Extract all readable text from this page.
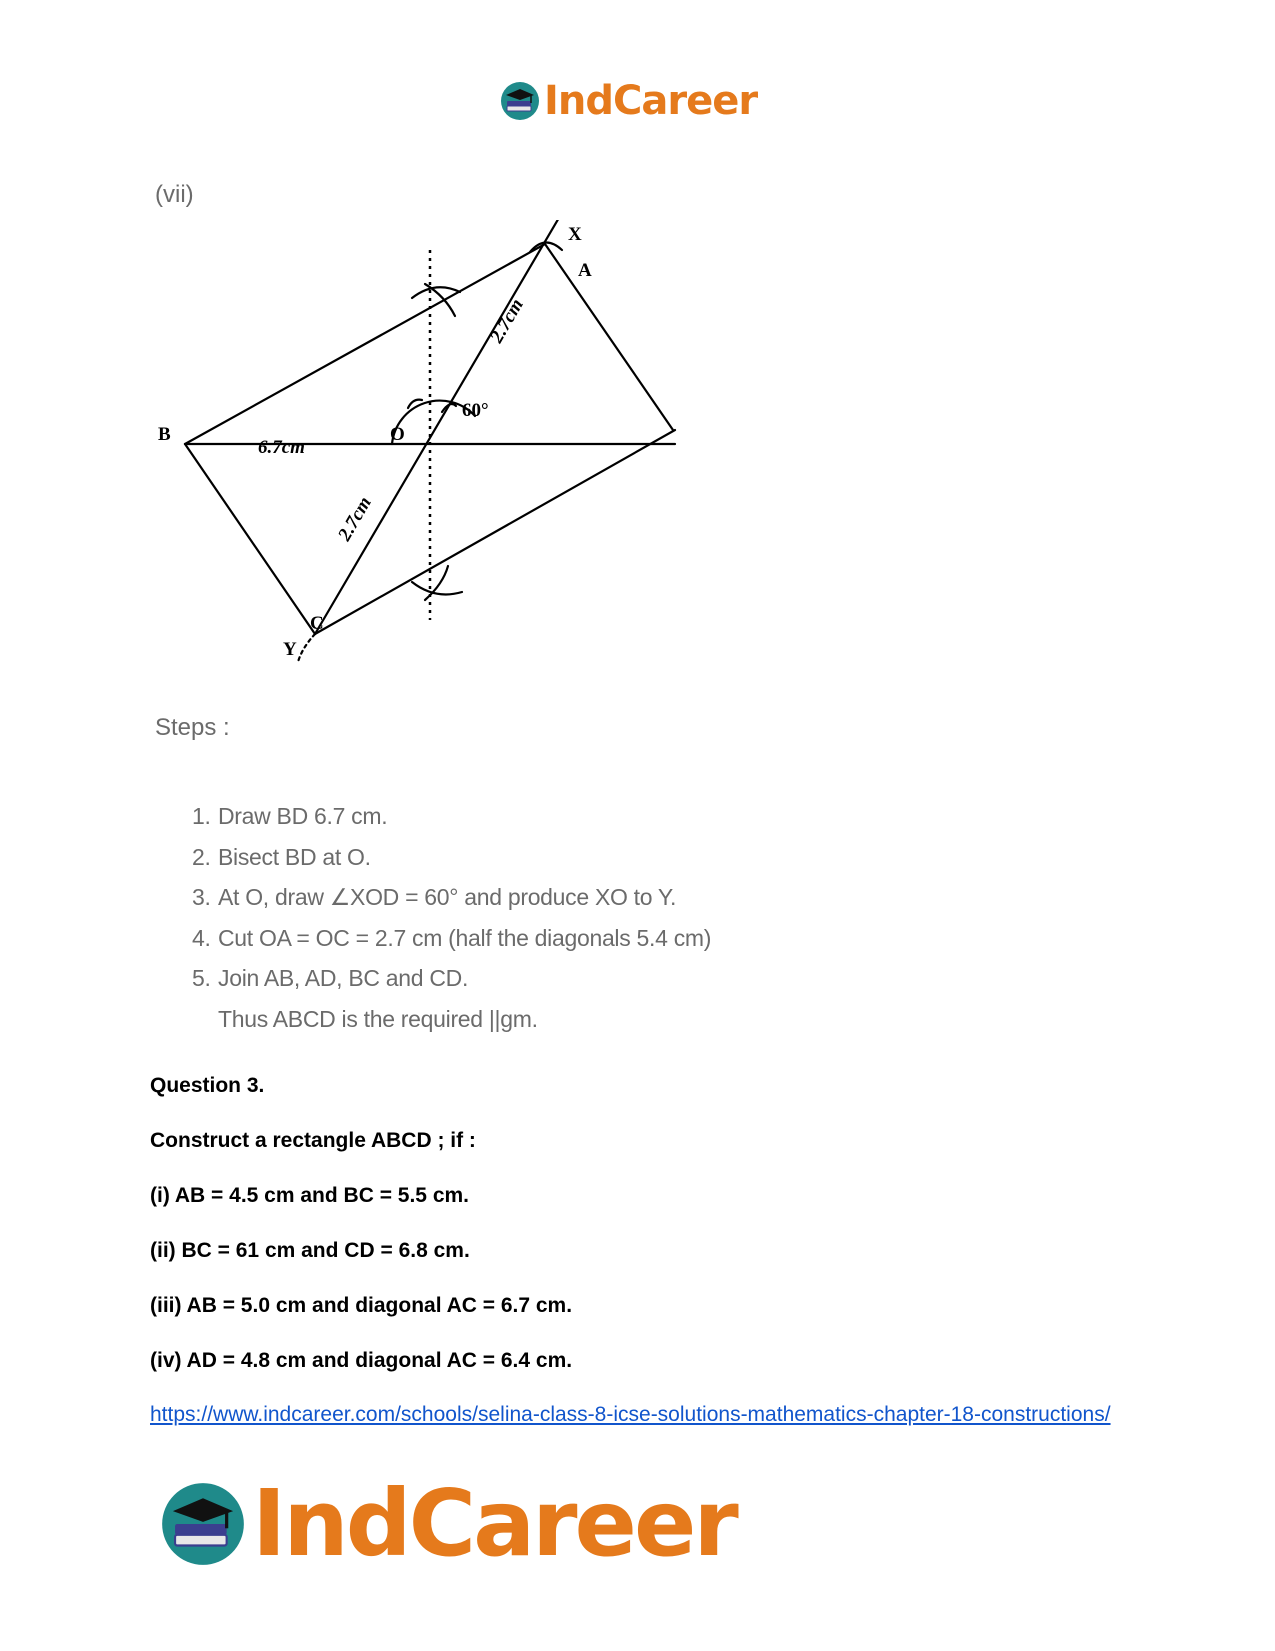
IndCareer
(vii)
X
A
B	O
C
Y
6.7cm
60°
2.7cm
2.7cm
Steps :
1. Draw BD 6.7 cm.
2. Bisect BD at O.
3. At O, draw ∠XOD = 60° and produce XO to Y.
4. Cut OA = OC = 2.7 cm (half the diagonals 5.4 cm)
5. Join AB, AD, BC and CD.
Thus ABCD is the required ||gm.
Question 3.
Construct a rectangle ABCD ; if :
(i) AB = 4.5 cm and BC = 5.5 cm.
(ii) BC = 61 cm and CD = 6.8 cm.
(iii) AB = 5.0 cm and diagonal AC = 6.7 cm.
(iv) AD = 4.8 cm and diagonal AC = 6.4 cm.
https://www.indcareer.com/schools/selina-class-8-icse-solutions-mathematics-chapter-18-constructions/
IndCareer
